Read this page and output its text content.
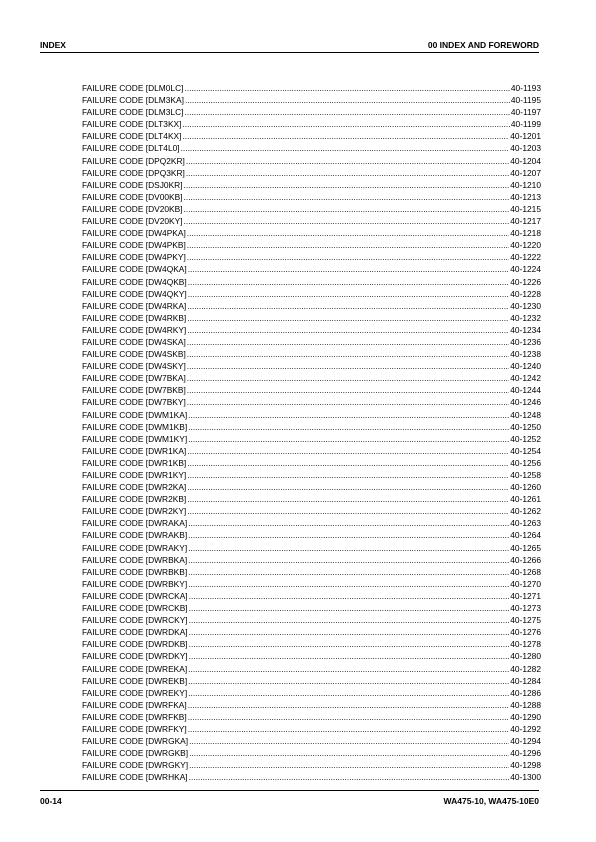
INDEX	00 INDEX AND FOREWORD
FAILURE CODE [DLM0LC] .....	40-1193
FAILURE CODE [DLM3KA] .....	40-1195
FAILURE CODE [DLM3LC] .....	40-1197
FAILURE CODE [DLT3KX] .....	40-1199
FAILURE CODE [DLT4KX] .....	40-1201
FAILURE CODE [DLT4L0] .....	40-1203
FAILURE CODE [DPQ2KR] .....	40-1204
FAILURE CODE [DPQ3KR] .....	40-1207
FAILURE CODE [DSJ0KR] .....	40-1210
FAILURE CODE [DV00KB] .....	40-1213
FAILURE CODE [DV20KB] .....	40-1215
FAILURE CODE [DV20KY] .....	40-1217
FAILURE CODE [DW4PKA] .....	40-1218
FAILURE CODE [DW4PKB] .....	40-1220
FAILURE CODE [DW4PKY] .....	40-1222
FAILURE CODE [DW4QKA] .....	40-1224
FAILURE CODE [DW4QKB] .....	40-1226
FAILURE CODE [DW4QKY] .....	40-1228
FAILURE CODE [DW4RKA] .....	40-1230
FAILURE CODE [DW4RKB] .....	40-1232
FAILURE CODE [DW4RKY] .....	40-1234
FAILURE CODE [DW4SKA] .....	40-1236
FAILURE CODE [DW4SKB] .....	40-1238
FAILURE CODE [DW4SKY] .....	40-1240
FAILURE CODE [DW7BKA] .....	40-1242
FAILURE CODE [DW7BKB] .....	40-1244
FAILURE CODE [DW7BKY] .....	40-1246
FAILURE CODE [DWM1KA] .....	40-1248
FAILURE CODE [DWM1KB] .....	40-1250
FAILURE CODE [DWM1KY] .....	40-1252
FAILURE CODE [DWR1KA] .....	40-1254
FAILURE CODE [DWR1KB] .....	40-1256
FAILURE CODE [DWR1KY] .....	40-1258
FAILURE CODE [DWR2KA] .....	40-1260
FAILURE CODE [DWR2KB] .....	40-1261
FAILURE CODE [DWR2KY] .....	40-1262
FAILURE CODE [DWRAKA] .....	40-1263
FAILURE CODE [DWRAKB] .....	40-1264
FAILURE CODE [DWRAKY] .....	40-1265
FAILURE CODE [DWRBKA] .....	40-1266
FAILURE CODE [DWRBKB] .....	40-1268
FAILURE CODE [DWRBKY] .....	40-1270
FAILURE CODE [DWRCKA] .....	40-1271
FAILURE CODE [DWRCKB] .....	40-1273
FAILURE CODE [DWRCKY] .....	40-1275
FAILURE CODE [DWRDKA] .....	40-1276
FAILURE CODE [DWRDKB] .....	40-1278
FAILURE CODE [DWRDKY] .....	40-1280
FAILURE CODE [DWREKA] .....	40-1282
FAILURE CODE [DWREKB] .....	40-1284
FAILURE CODE [DWREKY] .....	40-1286
FAILURE CODE [DWRFKA] .....	40-1288
FAILURE CODE [DWRFKB] .....	40-1290
FAILURE CODE [DWRFKY] .....	40-1292
FAILURE CODE [DWRGKA] .....	40-1294
FAILURE CODE [DWRGKB] .....	40-1296
FAILURE CODE [DWRGKY] .....	40-1298
FAILURE CODE [DWRHKA] .....	40-1300
00-14	WA475-10, WA475-10E0
